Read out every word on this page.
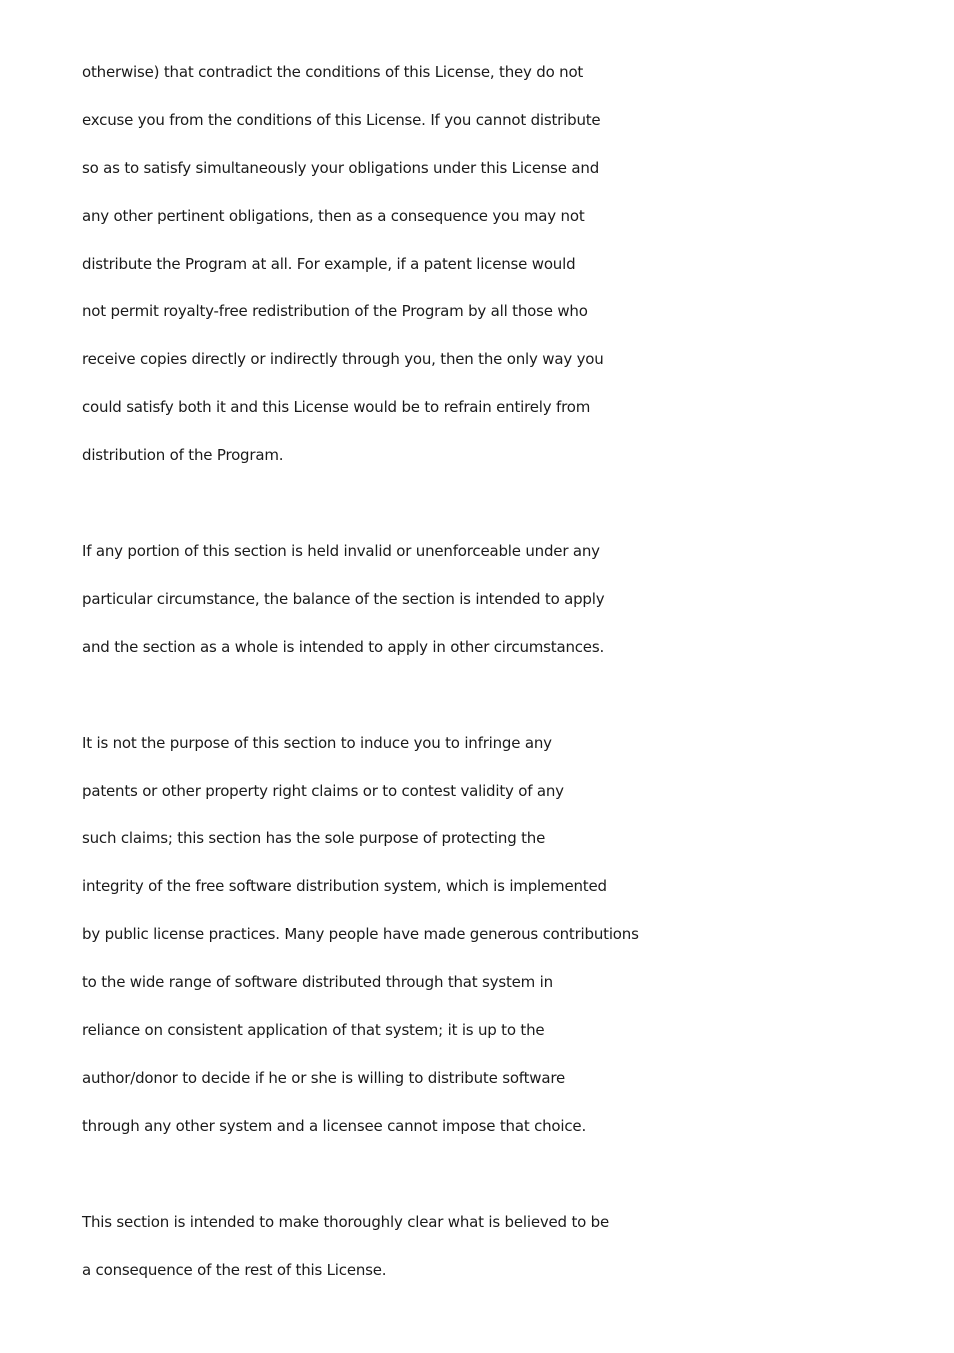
otherwise) that contradict the conditions of this License, they do not
excuse you from the conditions of this License. If you cannot distribute
so as to satisfy simultaneously your obligations under this License and
any other pertinent obligations, then as a consequence you may not
distribute the Program at all. For example, if a patent license would
not permit royalty-free redistribution of the Program by all those who
receive copies directly or indirectly through you, then the only way you
could satisfy both it and this License would be to refrain entirely from
distribution of the Program.
If any portion of this section is held invalid or unenforceable under any
particular circumstance, the balance of the section is intended to apply
and the section as a whole is intended to apply in other circumstances.
It is not the purpose of this section to induce you to infringe any
patents or other property right claims or to contest validity of any
such claims; this section has the sole purpose of protecting the
integrity of the free software distribution system, which is implemented
by public license practices. Many people have made generous contributions
to the wide range of software distributed through that system in
reliance on consistent application of that system; it is up to the
author/donor to decide if he or she is willing to distribute software
through any other system and a licensee cannot impose that choice.
This section is intended to make thoroughly clear what is believed to be
a consequence of the rest of this License.
